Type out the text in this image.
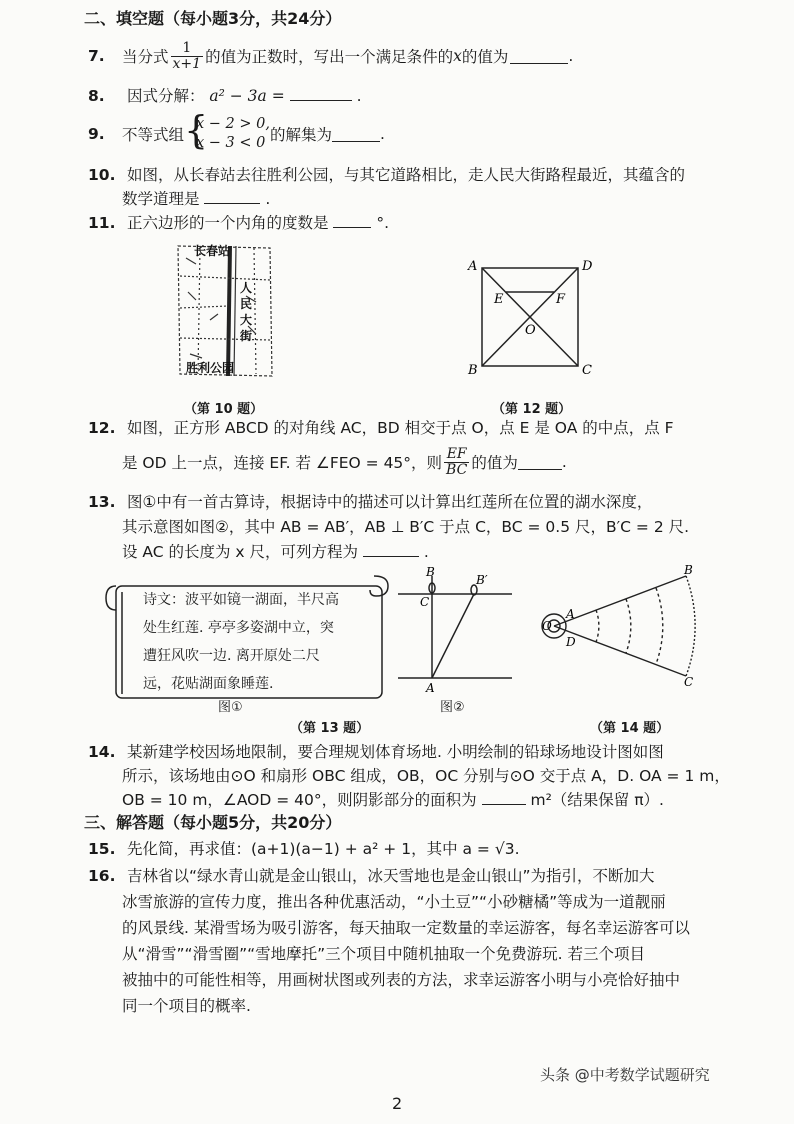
二、填空题（每小题3分，共24分）
7.	当分式 $\frac{1}{x+1}$ 的值为正数时，写出一个满足条件的 x 的值为	.
8. 因式分解： a² − 3a =	.
9.	不等式组 {
x − 2 > 0,
x − 3 < 0 的解集为	.
10. 如图，从长春站去往胜利公园，与其它道路相比，走人民大街路程最近，其蕴含的
数学道理是	.
11. 正六边形的一个内角的度数是	°.
长春站
人
民
大
街
胜利公园
（第 10 题）
A	D
B	C
E	F
O
（第 12 题）
12. 如图，正方形 ABCD 的对角线 AC，BD 相交于点 O，点 E 是 OA 的中点，点 F
是 OD 上一点，连接 EF. 若 ∠FEO = 45°，则 $\frac{EF}{BC}$ 的值为	.
13. 图①中有一首古算诗，根据诗中的描述可以计算出红莲所在位置的湖水深度，
其示意图如图②，其中 AB = AB′，AB ⊥ B′C 于点 C，BC = 0.5 尺，B′C = 2 尺.
设 AC 的长度为 x 尺，可列方程为	.
诗文：波平如镜一湖面，半尺高
处生红莲. 亭亭多姿湖中立，突
遭狂风吹一边. 离开原处二尺
远，花贴湖面象睡莲.
图①
B
B′
C
A
图②
（第 13 题）
O
A
D
B
C
（第 14 题）
14. 某新建学校因场地限制，要合理规划体育场地. 小明绘制的铅球场地设计图如图
所示，该场地由⊙O 和扇形 OBC 组成，OB，OC 分别与⊙O 交于点 A，D. OA = 1 m，
OB = 10 m，∠AOD = 40°，则阴影部分的面积为	m²（结果保留 π）.
三、解答题（每小题5分，共20分）
15. 先化简，再求值：(a+1)(a−1) + a² + 1，其中 a = √3.
16. 吉林省以“绿水青山就是金山银山，冰天雪地也是金山银山”为指引，不断加大
冰雪旅游的宣传力度，推出各种优惠活动，“小土豆”“小砂糖橘”等成为一道靓丽
的风景线. 某滑雪场为吸引游客，每天抽取一定数量的幸运游客，每名幸运游客可以
从“滑雪”“滑雪圈”“雪地摩托”三个项目中随机抽取一个免费游玩. 若三个项目
被抽中的可能性相等，用画树状图或列表的方法，求幸运游客小明与小亮恰好抽中
同一个项目的概率.
头条 @中考数学试题研究
2
